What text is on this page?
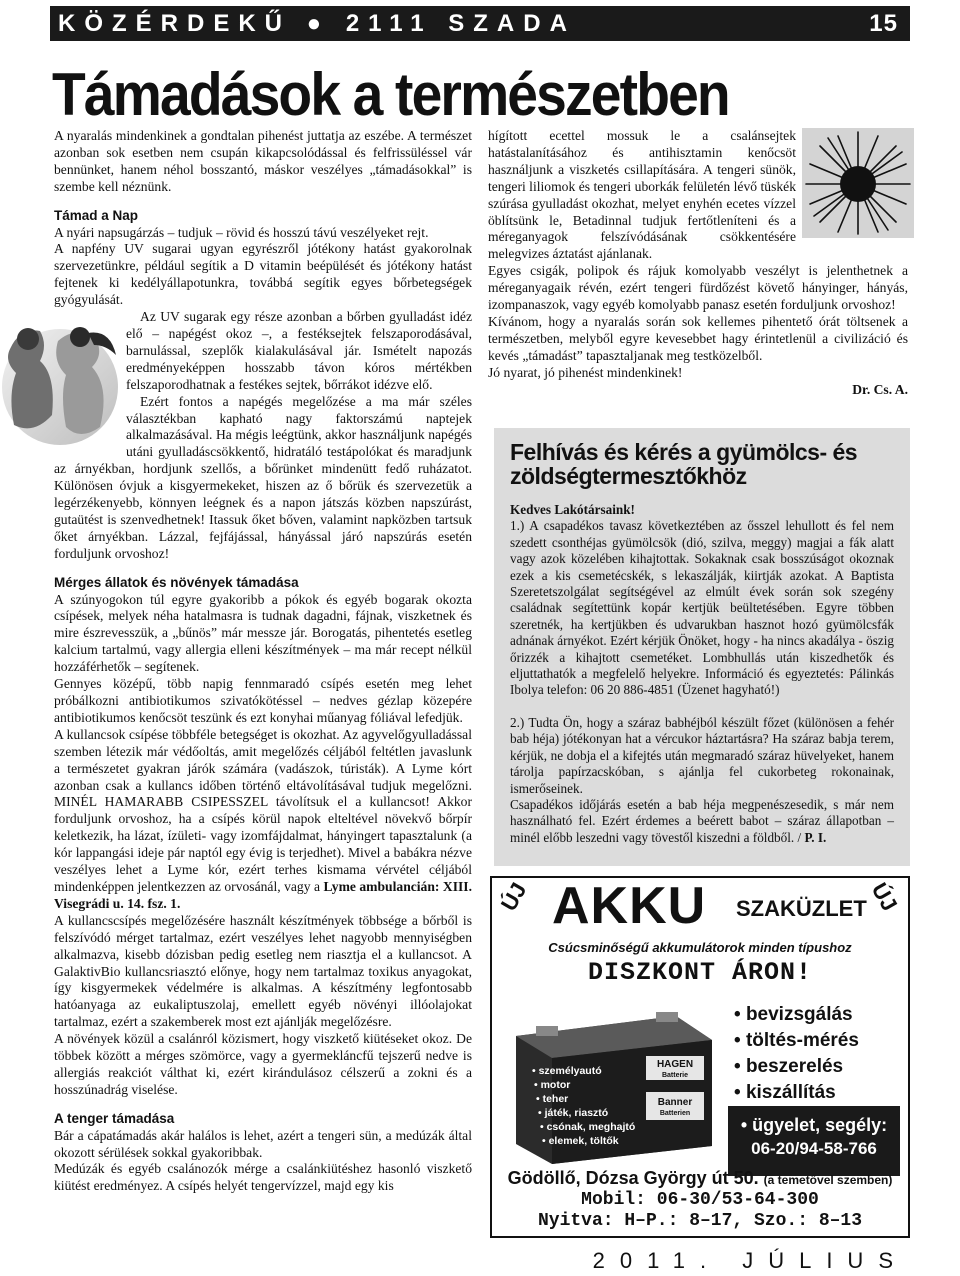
KÖZÉRDEKŰ ● 2111 SZADA	15
Támadások a természetben

A nyaralás mindenkinek a gondtalan pihenést juttatja az eszébe. A természet azonban sok esetben nem csupán kikapcsolódással és felfrissüléssel vár bennünket, hanem néhol bosszantó, máskor veszélyes „támadásokkal” is szembe kell néznünk.

Támad a Nap

A nyári napsugárzás – tudjuk – rövid és hosszú távú veszélyeket rejt.

A napfény UV sugarai ugyan egyrészről jótékony hatást gyakorolnak szervezetünkre, például segítik a D vitamin beépülését és jótékony hatást fejtenek ki kedélyállapotunkra, továbbá segítik egyes bőrbetegségek gyógyulását.

Az UV sugarak egy része azonban a bőrben gyulladást idéz elő – napégést okoz –, a festéksejtek felszaporodásával, barnulással, szeplők kialakulásával jár. Ismételt napozás eredményeképpen hosszabb távon kóros mértékben felszaporodhatnak a festékes sejtek, bőrrákot idézve elő.

Ezért fontos a napégés megelőzése a ma már széles választékban kapható nagy faktorszámú naptejek alkalmazásával. Ha mégis leégtünk, akkor használjunk napégés utáni gyulladáscsökkentő, hidratáló testápolókat és maradjunk az árnyékban, hordjunk szellős, a bőrünket mindenütt fedő ruházatot. Különösen óvjuk a kisgyermekeket, hiszen az ő bőrük és szervezetük a legérzékenyebb, könnyen leégnek és a napon játszás közben napszúrást, gutaütést is szenvedhetnek! Itassuk őket bőven, valamint napközben tartsuk őket árnyékban. Lázzal, fejfájással, hányással járó napszúrás esetén forduljunk orvoshoz!

Mérges állatok és növények támadása

A szúnyogokon túl egyre gyakoribb a pókok és egyéb bogarak okozta csípések, melyek néha hatalmasra is tudnak dagadni, fájnak, viszketnek és mire észrevesszük, a „bűnös” már messze jár. Borogatás, pihentetés esetleg kalcium tartalmú, vagy allergia elleni készítmények – ma már recept nélkül hozzáférhetők – segítenek.

Gennyes középű, több napig fennmaradó csípés esetén meg lehet próbálkozni antibiotikumos szivatókötéssel – nedves gézlap közepére antibiotikumos kenőcsöt teszünk és ezt konyhai műanyag fóliával lefedjük.

A kullancsok csípése többféle betegséget is okozhat. Az agyvelőgyulladással szemben létezik már védőoltás, amit megelőzés céljából feltétlen javaslunk a természetet gyakran járók számára (vadászok, túristák). A Lyme kórt azonban csak a kullancs időben történő eltávolításával tudjuk megelőzni. MINÉL HAMARABB CSIPESSZEL távolítsuk el a kullancsot! Akkor forduljunk orvoshoz, ha a csípés körül napok elteltével növekvő bőrpír keletkezik, ha lázat, ízületi- vagy izomfájdalmat, hányingert tapasztalunk (a kór lappangási ideje pár naptól egy évig is terjedhet). Mivel a babákra nézve veszélyes lehet a Lyme kór, ezért terhes kismama vérvétel céljából mindenképpen jelentkezzen az orvosánál, vagy a Lyme ambulancián: XIII. Visegrádi u. 14. fsz. 1.

A kullancscsípés megelőzésére használt készítmények többsége a bőrből is felszívódó mérget tartalmaz, ezért veszélyes lehet nagyobb mennyiségben alkalmazva, kisebb dózisban pedig esetleg nem riasztja el a kullancsot. A GalaktivBio kullancsriasztó előnye, hogy nem tartalmaz toxikus anyagokat, így kisgyermekek védelmére is alkalmas. A készítmény legfontosabb hatóanyaga az eukaliptuszolaj, emellett egyéb növényi illóolajokat tartalmaz, ezért a szakemberek most ezt ajánlják megelőzésre.

A növények közül a csalánról közismert, hogy viszkető kiütéseket okoz. De többek között a mérges szömörce, vagy a gyermekláncfű tejszerű nedve is allergiás reakciót válthat ki, ezért kirándulásoz célszerű a zokni és a hosszúnadrág viselése.

A tenger támadása

Bár a cápatámadás akár halálos is lehet, azért a tengeri sün, a medúzák által okozott sérülések sokkal gyakoribbak.

Medúzák és egyéb csalánozók mérge a csalánkiütéshez hasonló viszkető kiütést eredményez. A csípés helyét tengervízzel, majd egy kis

hígított ecettel mossuk le a csalánsejtek hatástalanításához és antihisztamin kenőcsöt használjunk a viszketés csillapítására. A tengeri sünök, tengeri liliomok és tengeri uborkák felületén lévő tüskék szúrása gyulladást okozhat, melyet enyhén ecetes vízzel öblítsünk le, Betadinnal tudjuk fertőtleníteni és a méreganyagok felszívódásának csökkentésére melegvizes áztatást ajánlanak.

Egyes csigák, polipok és rájuk komolyabb veszélyt is jelenthetnek a méreganyagaik révén, ezért tengeri fürdőzést követő hányinger, hányás, izompanaszok, vagy egyéb komolyabb panasz esetén forduljunk orvoshoz!

Kívánom, hogy a nyaralás során sok kellemes pihentető órát töltsenek a természetben, melyből egyre kevesebbet hagy érintetlenül a civilizáció és kevés „támadást” tapasztaljanak meg testközelből.

Jó nyarat, jó pihenést mindenkinek!

Dr. Cs. A.

Felhívás és kérés a gyümölcs- és zöldségtermesztőkhöz

Kedves Lakótársaink!

1.) A csapadékos tavasz következtében az ősszel lehullott és fel nem szedett csonthéjas gyümölcsök (dió, szilva, meggy) magjai a fák alatt vagy azok közelében kihajtottak. Sokaknak csak bosszúságot okoznak ezek a kis csemetécskék, s lekaszálják, kiirtják azokat. A Baptista Szeretetszolgálat segítségével az elmúlt évek során sok szegény családnak segítettünk kopár kertjük beültetésében. Egyre többen szeretnék, ha kertjükben és udvarukban hasznot hozó gyümölcsfák adnának árnyékot. Ezért kérjük Önöket, hogy - ha nincs akadálya - öszig őrizzék a kihajtott csemetéket. Lombhullás után kiszedhetők és eljuttathatók a megfelelő helyekre. Információ és egyeztetés: Pálinkás Ibolya telefon: 06 20 886-4851 (Üzenet hagyható!)

2.) Tudta Ön, hogy a száraz babhéjból készült főzet (különösen a fehér bab héja) jótékonyan hat a vércukor háztartásra? Ha száraz babja terem, kérjük, ne dobja el a kifejtés után megmaradó száraz hüvelyeket, hanem tárolja papírzacskóban, s ajánlja fel cukorbeteg rokonainak, ismerőseinek.

Csapadékos időjárás esetén a bab héja megpenészesedik, s már nem használható fel. Ezért érdemes a beérett babot – száraz állapotban – minél előbb leszedni vagy tövestől kiszedni a földből. / P. I.

ÚJ	ÚJ
AKKU SZAKÜZLET
Csúcsminőségű akkumulátorok minden típushoz
DISZKONT ÁRON!
HAGEN
Batterie
Banner
Batterien
• személyautó
• motor
• teher
• játék, riasztó
• csónak, meghajtó
• elemek, töltők
• bevizsgálás
• töltés-mérés
• beszerelés
• kiszállítás
• ügyelet, segély:
06-20/94-58-766
Gödöllő, Dózsa György út 50. (a temetővel szemben)
Mobil: 06-30/53-64-300
Nyitva: H–P.: 8–17, Szo.: 8–13
2011. JÚLIUS
